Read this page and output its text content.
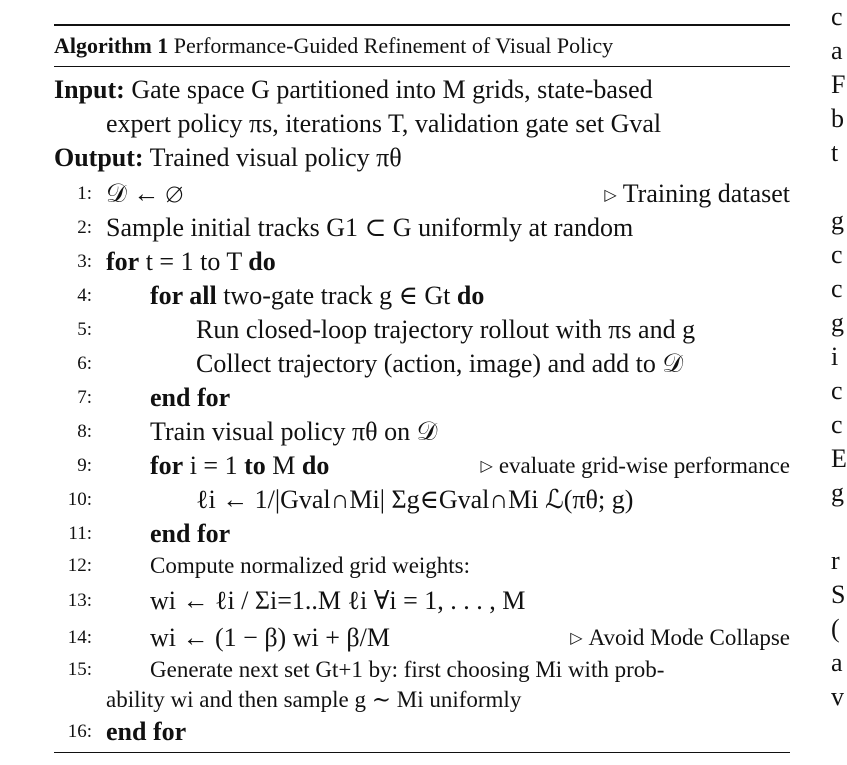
Algorithm 1 Performance-Guided Refinement of Visual Policy
Input: Gate space G partitioned into M grids, state-based
expert policy πs, iterations T, validation gate set Gval
Output: Trained visual policy πθ
1: 𝒟 ← ∅	▷ Training dataset
2: Sample initial tracks G1 ⊂ G uniformly at random
3: for t = 1 to T do
4: for all two-gate track g ∈ Gt do
5:	Run closed-loop trajectory rollout with πs and g
6:	Collect trajectory (action, image) and add to 𝒟
7: end for
8: Train visual policy πθ on 𝒟
9: for i = 1 to M do	▷ evaluate grid-wise performance
10:	ℓi ← 1/|Gval∩Mi| Σg∈Gval∩Mi ℒ(πθ; g)
11: end for
12:	Compute normalized grid weights:
13: wi ← ℓi / Σi=1..M ℓi ∀i = 1, . . . , M
14: wi ← (1 − β) wi + β/M	▷ Avoid Mode Collapse
15:	Generate next set Gt+1 by: first choosing Mi with prob-
ability wi and then sample g ∼ Mi uniformly
16: end for
c
a
F
b
t
g
c
c
g
i
c
c
E
g
r
S
(
a
v
